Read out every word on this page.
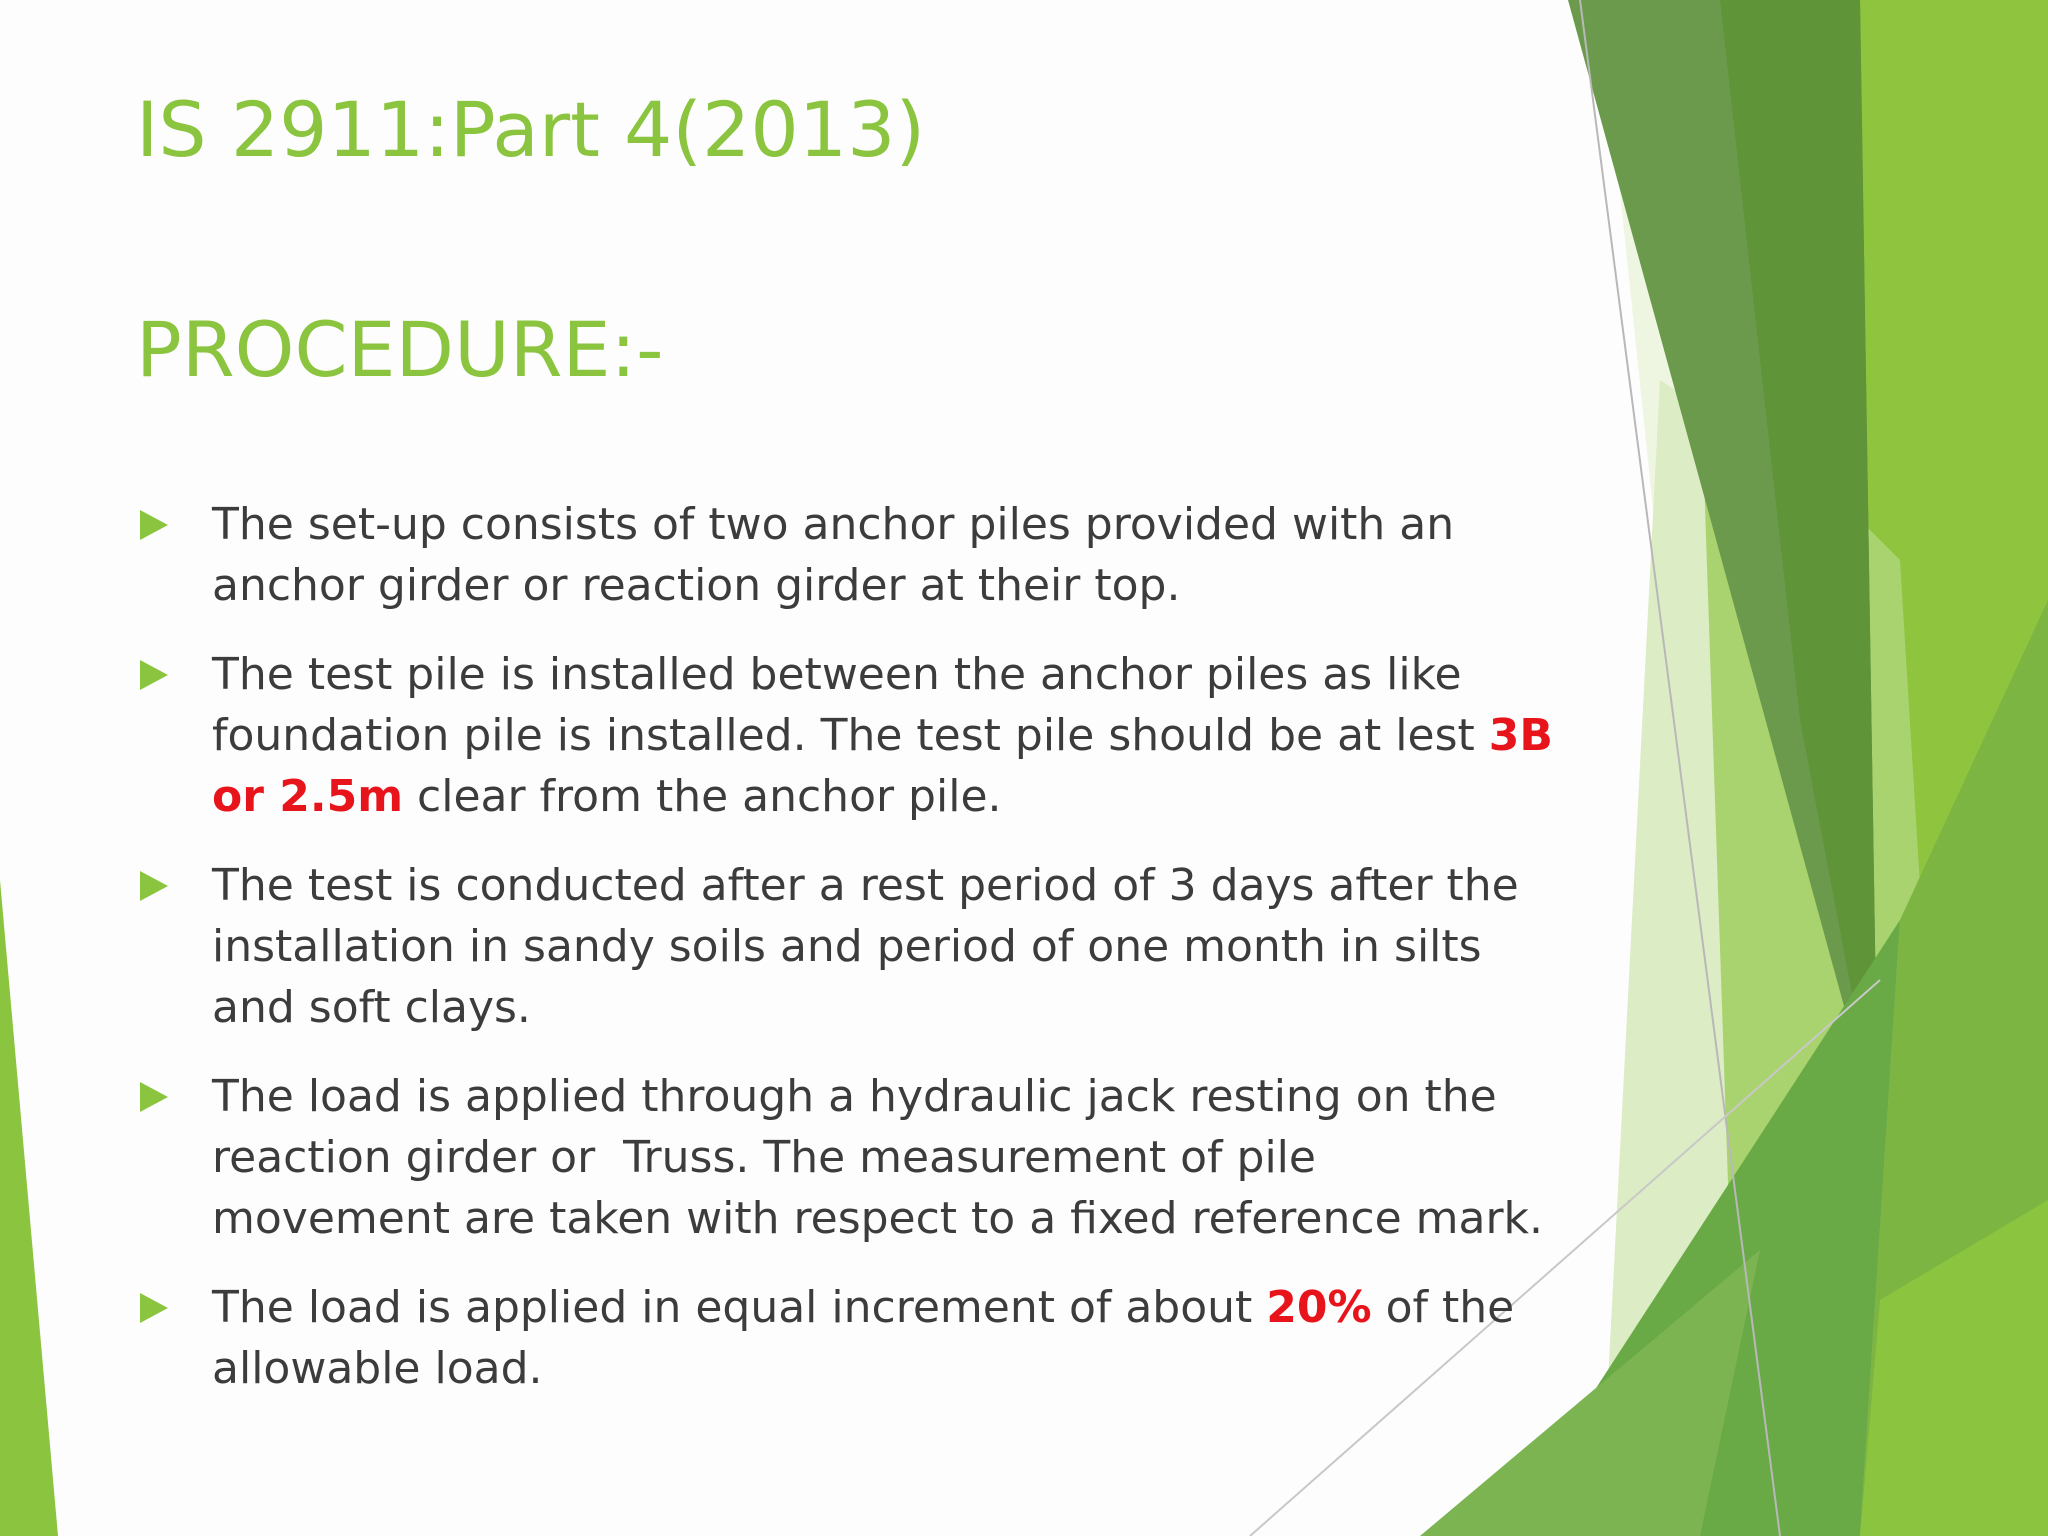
IS 2911:Part 4(2013)
PROCEDURE:-
The set-up consists of two anchor piles provided with an anchor girder or reaction girder at their top.
The test pile is installed between the anchor piles as like foundation pile is installed. The test pile should be at lest 3B or 2.5m clear from the anchor pile.
The test is conducted after a rest period of 3 days after the installation in sandy soils and period of one month in silts and soft clays.
The load is applied through a hydraulic jack resting on the reaction girder or  Truss. The measurement of pile movement are taken with respect to a fixed reference mark.
The load is applied in equal increment of about 20% of the allowable load.
